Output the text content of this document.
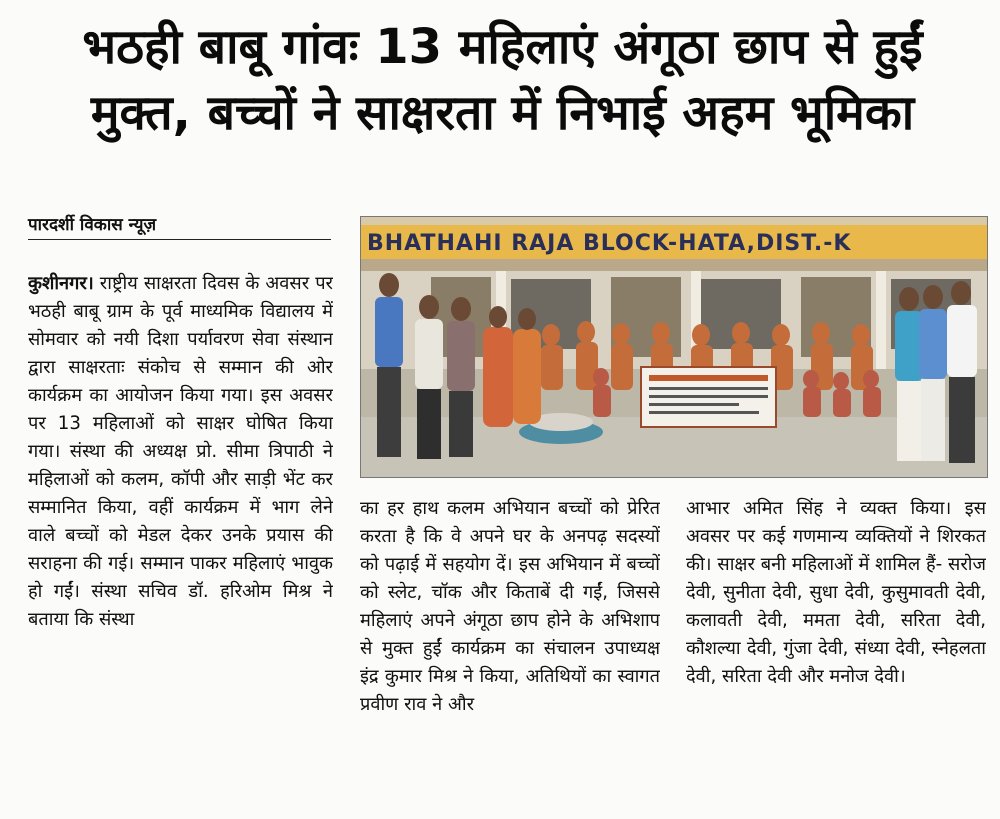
भठही बाबू गांवः 13 महिलाएं अंगूठा छाप से हुईं
मुक्त, बच्चों ने साक्षरता में निभाई अहम भूमिका
पारदर्शी विकास न्यूज़
कुशीनगर। राष्ट्रीय साक्षरता दिवस के अवसर पर भठही बाबू ग्राम के पूर्व माध्यमिक विद्यालय में सोमवार को नयी दिशा पर्यावरण सेवा संस्थान द्वारा साक्षरताः संकोच से सम्मान की ओर कार्यक्रम का आयोजन किया गया। इस अवसर पर 13 महिलाओं को साक्षर घोषित किया गया। संस्था की अध्यक्ष प्रो. सीमा त्रिपाठी ने महिलाओं को कलम, कॉपी और साड़ी भेंट कर सम्मानित किया, वहीं कार्यक्रम में भाग लेने वाले बच्चों को मेडल देकर उनके प्रयास की सराहना की गई। सम्मान पाकर महिलाएं भावुक हो गईं। संस्था सचिव डॉ. हरिओम मिश्र ने बताया कि संस्था
BHATHAHI RAJA BLOCK-HATA,DIST.-K
का हर हाथ कलम अभियान बच्चों को प्रेरित करता है कि वे अपने घर के अनपढ़ सदस्यों को पढ़ाई में सहयोग दें। इस अभियान में बच्चों को स्लेट, चॉक और किताबें दी गईं, जिससे महिलाएं अपने अंगूठा छाप होने के अभिशाप से मुक्त हुईं कार्यक्रम का संचालन उपाध्यक्ष इंद्र कुमार मिश्र ने किया, अतिथियों का स्वागत प्रवीण राव ने और
आभार अमित सिंह ने व्यक्त किया। इस अवसर पर कई गणमान्य व्यक्तियों ने शिरकत की। साक्षर बनी महिलाओं में शामिल हैं- सरोज देवी, सुनीता देवी, सुधा देवी, कुसुमावती देवी, कलावती देवी, ममता देवी, सरिता देवी, कौशल्या देवी, गुंजा देवी, संध्या देवी, स्नेहलता देवी, सरिता देवी और मनोज देवी।
